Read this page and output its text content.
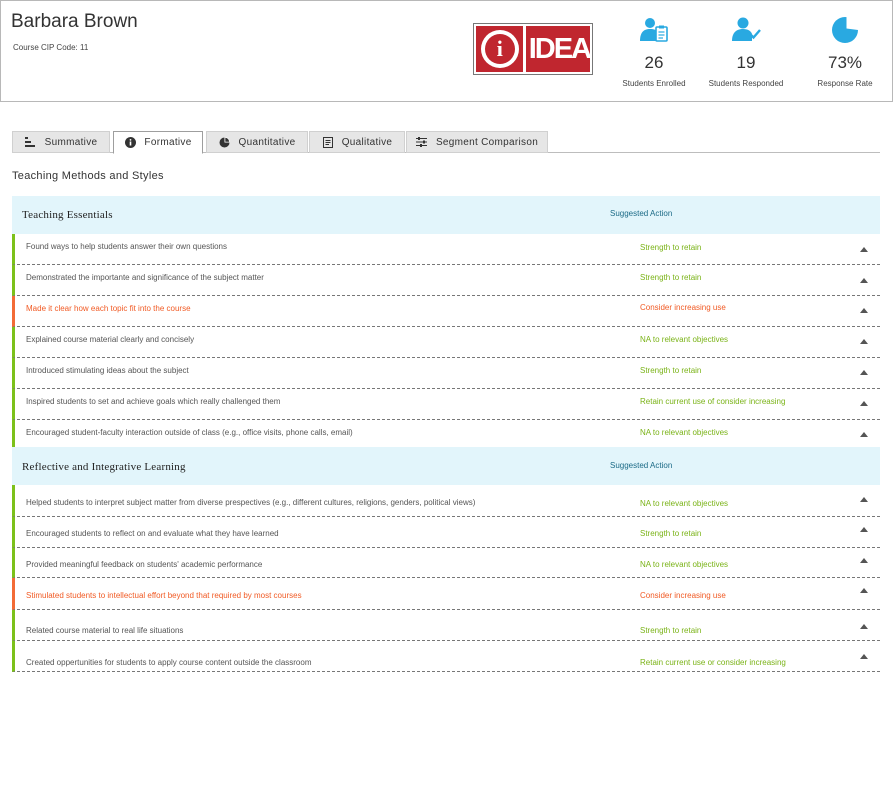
Barbara Brown
Course CIP Code: 11	i IDEA	26
Students Enrolled
19
Students Responded
73%
Response Rate
Summative	Formative	Quantitative	Qualitative	Segment Comparison
Teaching Methods and Styles
Teaching Essentials	Suggested Action
Found ways to help students answer their own questions	Strength to retain
Demonstrated the importante and significance of the subject matter	Strength to retain
Made it clear how each topic fit into the course	Consider increasing use
Explained course material clearly and concisely	NA to relevant objectives
Introduced stimulating ideas about the subject	Strength to retain
Inspired students to set and achieve goals which really challenged them	Retain current use of consider increasing
Encouraged student-faculty interaction outside of class (e.g., office visits, phone calls, email)	NA to relevant objectives
Reflective and Integrative Learning	Suggested Action
Helped students to interpret subject matter from diverse prespectives (e.g., different cultures, religions, genders, political views)	NA to relevant objectives
Encouraged students to reflect on and evaluate what they have learned	Strength to retain
Provided meaningful feedback on students' academic performance	NA to relevant objectives
Stimulated students to intellectual effort beyond that required by most courses	Consider increasing use
Related course material to real life situations	Strength to retain
Created oppertunities for students to apply course content outside the classroom	Retain current use or consider increasing
